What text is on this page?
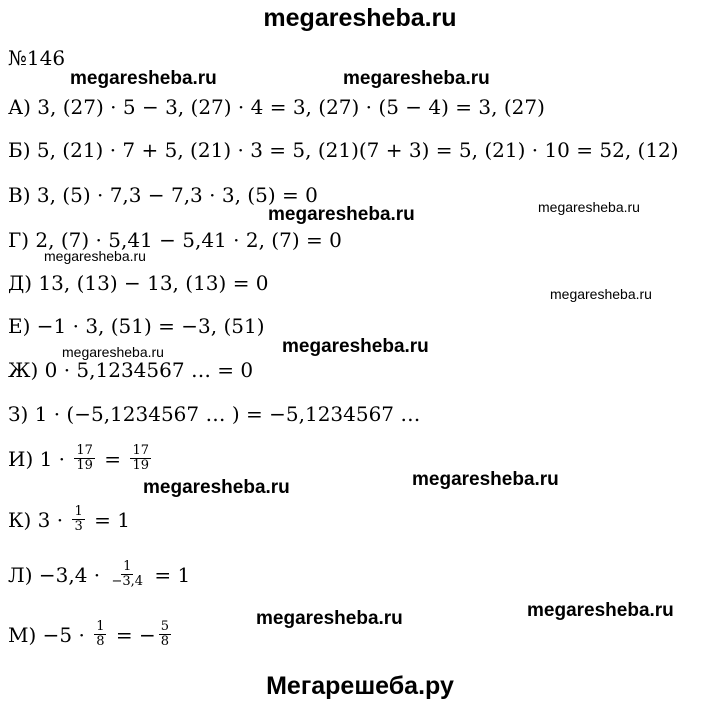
megaresheba.ru
№146
megaresheba.ru	megaresheba.ru
megaresheba.ru	megaresheba.ru
megaresheba.ru
megaresheba.ru
megaresheba.ru	megaresheba.ru
megaresheba.ru
megaresheba.ru
megaresheba.ru
megaresheba.ru
А) 3, (27) · 5 − 3, (27) · 4 = 3, (27) · (5 − 4) = 3, (27)
Б) 5, (21) · 7 + 5, (21) · 3 = 5, (21)(7 + 3) = 5, (21) · 10 = 52, (12)
В) 3, (5) · 7,3 − 7,3 · 3, (5) = 0
Г) 2, (7) · 5,41 − 5,41 · 2, (7) = 0
Д) 13, (13) − 13, (13) = 0
Е) −1 · 3, (51) = −3, (51)
Ж) 0 · 5,1234567 … = 0
З) 1 · (−5,1234567 … ) = −5,1234567 …
И) $1 \cdot \frac{17}{19} = \frac{17}{19}$
К) $3 \cdot \frac{1}{3} = 1$
$Л) -3,4 \cdot \frac{1}{-3,4} = 1$
$М) -5 \cdot \frac{1}{8}$ = − $\frac{5}{8}$
Мегарешеба.ру
